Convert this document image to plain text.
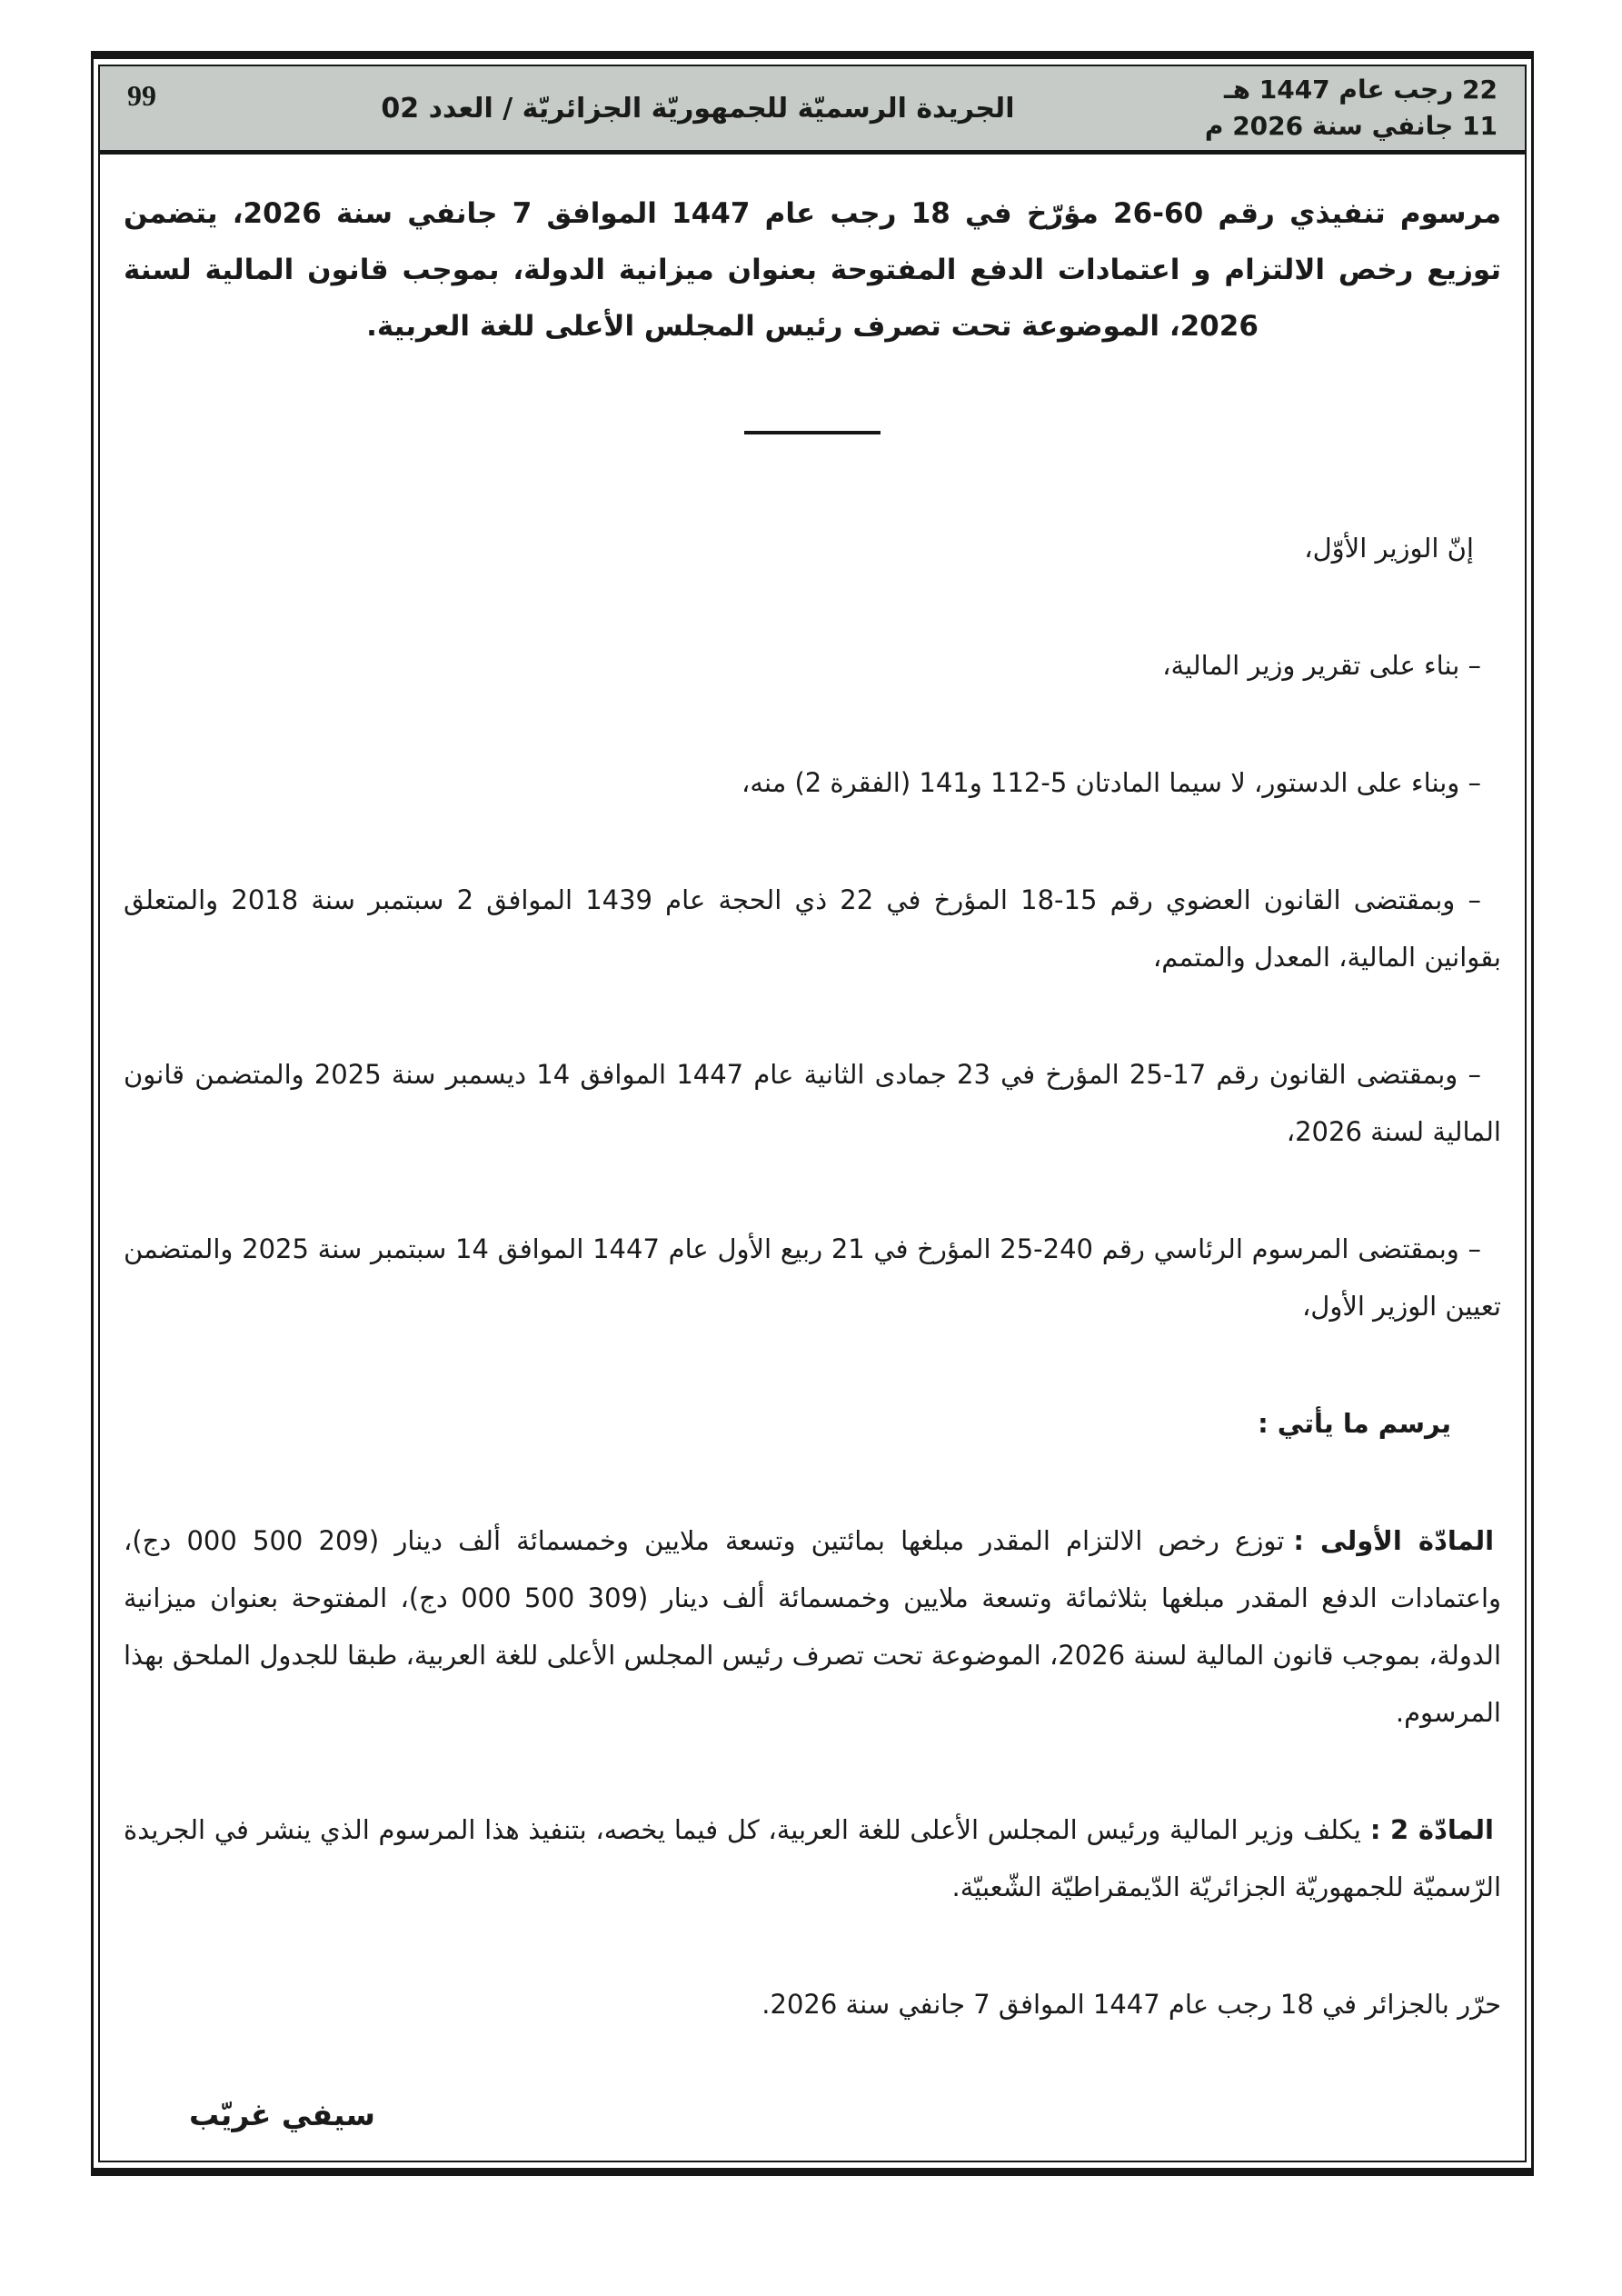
99	الجريدة الرسميّة للجمهوريّة الجزائريّة / العدد 02
22 رجب عام 1447 هـ
11 جانفي سنة 2026 م

مرسوم تنفيذي رقم 60-26 مؤرّخ في 18 رجب عام 1447 الموافق 7 جانفي سنة 2026، يتضمن توزيع رخص الالتزام و اعتمادات الدفع المفتوحة بعنوان ميزانية الدولة، بموجب قانون المالية لسنة 2026، الموضوعة تحت تصرف رئيس المجلس الأعلى للغة العربية.

إنّ الوزير الأوّل،

– بناء على تقرير وزير المالية،

– وبناء على الدستور، لا سيما المادتان 5-112 و141 (الفقرة 2) منه،

– وبمقتضى القانون العضوي رقم 15-18 المؤرخ في 22 ذي الحجة عام 1439 الموافق 2 سبتمبر سنة 2018 والمتعلق بقوانين المالية، المعدل والمتمم،

– وبمقتضى القانون رقم 17-25 المؤرخ في 23 جمادى الثانية عام 1447 الموافق 14 ديسمبر سنة 2025 والمتضمن قانون المالية لسنة 2026،

– وبمقتضى المرسوم الرئاسي رقم 240-25 المؤرخ في 21 ربيع الأول عام 1447 الموافق 14 سبتمبر سنة 2025 والمتضمن تعيين الوزير الأول،

يرسم ما يأتي :

المادّة الأولى :توزع رخص الالتزام المقدر مبلغها بمائتين وتسعة ملايين وخمسمائة ألف دينار (209 500 000 دج)، واعتمادات الدفع المقدر مبلغها بثلاثمائة وتسعة ملايين وخمسمائة ألف دينار (309 500 000 دج)، المفتوحة بعنوان ميزانية الدولة، بموجب قانون المالية لسنة 2026، الموضوعة تحت تصرف رئيس المجلس الأعلى للغة العربية، طبقا للجدول الملحق بهذا المرسوم.

المادّة 2 :يكلف وزير المالية ورئيس المجلس الأعلى للغة العربية، كل فيما يخصه، بتنفيذ هذا المرسوم الذي ينشر في الجريدة الرّسميّة للجمهوريّة الجزائريّة الدّيمقراطيّة الشّعبيّة.

حرّر بالجزائر في 18 رجب عام 1447 الموافق 7 جانفي سنة 2026.

سيفي غريّب
